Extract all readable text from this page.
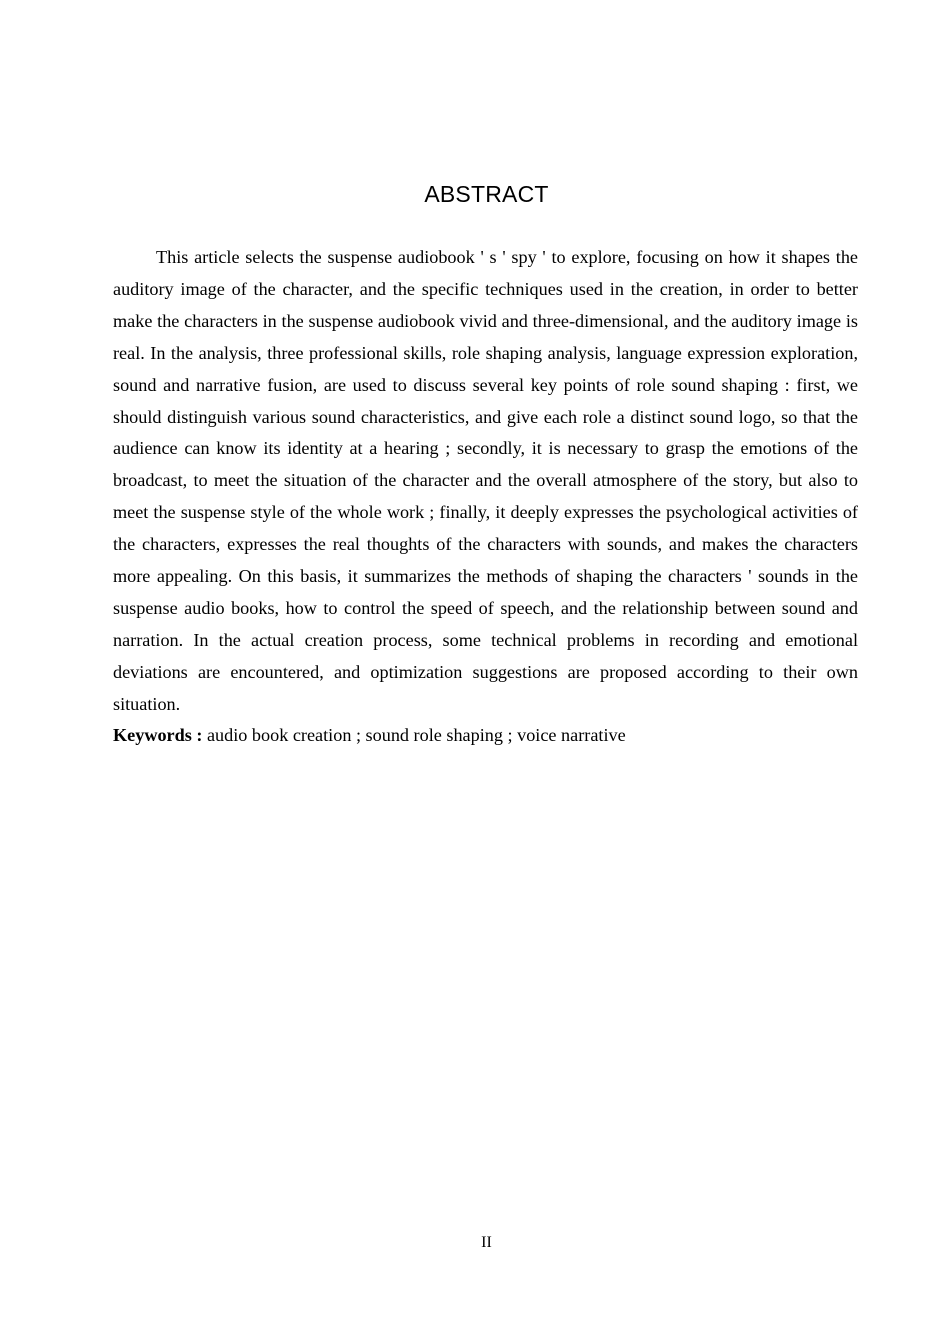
ABSTRACT

This article selects the suspense audiobook ' s ' spy ' to explore, focusing on how it shapes the auditory image of the character, and the specific techniques used in the creation, in order to better make the characters in the suspense audiobook vivid and three-dimensional, and the auditory image is real. In the analysis, three professional skills, role shaping analysis, language expression exploration, sound and narrative fusion, are used to discuss several key points of role sound shaping : first, we should distinguish various sound characteristics, and give each role a distinct sound logo, so that the audience can know its identity at a hearing ; secondly, it is necessary to grasp the emotions of the broadcast, to meet the situation of the character and the overall atmosphere of the story, but also to meet the suspense style of the whole work ; finally, it deeply expresses the psychological activities of the characters, expresses the real thoughts of the characters with sounds, and makes the characters more appealing. On this basis, it summarizes the methods of shaping the characters ' sounds in the suspense audio books, how to control the speed of speech, and the relationship between sound and narration. In the actual creation process, some technical problems in recording and emotional deviations are encountered, and optimization suggestions are proposed according to their own situation.

Keywords : audio book creation ; sound role shaping ; voice narrative

II
